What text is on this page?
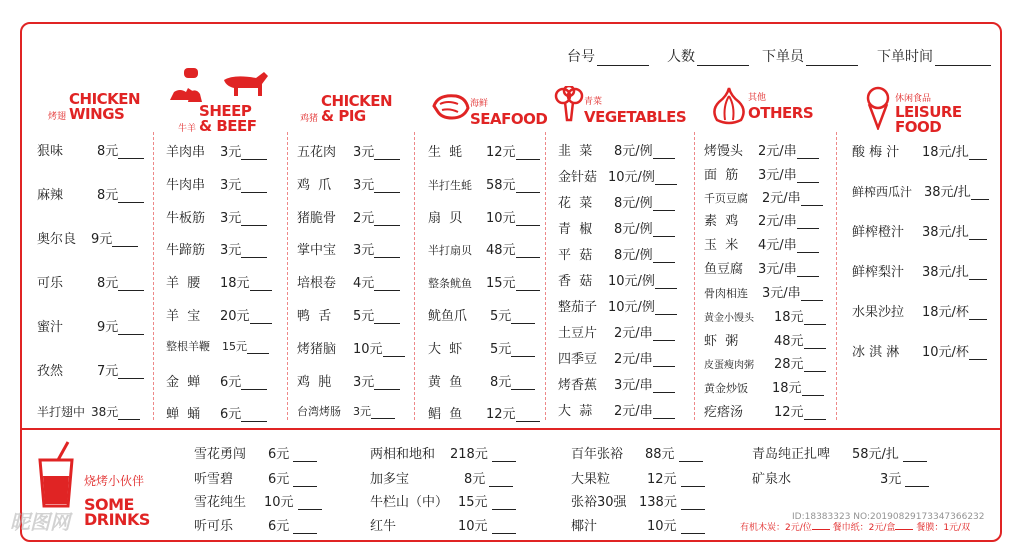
台号	人数	下单员	下单时间
烤翅CHICKEN
WINGS
牛羊SHEEP
& BEEF	鸡猪CHICKEN
& PIG
海鲜
SEAFOOD
青菜
VEGETABLES
其他
OTHERS
休闲食品
LEISURE
FOOD
狠味	8元
麻辣	8元
奥尔良 9元
可乐	8元
蜜汁	9元
孜然	7元
半打翅中 38元
羊肉串 3元
牛肉串 3元
牛板筋 3元
牛蹄筋 3元
羊  腰 18元
羊  宝 20元
整根羊鞭 15元
金  蝉 6元
蝉  蛹 6元
五花肉 3元
鸡  爪 3元
猪脆骨 2元
掌中宝 3元
培根卷 4元
鸭  舌 5元
烤猪脑 10元
鸡  肫 3元
台湾烤肠 3元
生  蚝 12元
半打生蚝 58元
扇  贝 10元
半打扇贝 48元
整条鱿鱼 15元
鱿鱼爪 5元
大  虾 5元
黄  鱼 8元
鲳  鱼 12元
韭  菜 8元/例
金针菇 10元/例
花  菜 8元/例
青  椒 8元/例
平  菇 8元/例
香  菇 10元/例
整茄子 10元/例
土豆片 2元/串
四季豆 2元/串
烤香蕉 3元/串
大  蒜 2元/串
烤馒头 2元/串
面  筋 3元/串
千页豆腐 2元/串
素  鸡 2元/串
玉  米 4元/串
鱼豆腐 3元/串
骨肉相连 3元/串
黄金小馒头 18元
虾  粥	48元
皮蛋瘦肉粥 28元
黄金炒饭 18元
疙瘩汤 12元
酸 梅 汁 18元/扎
鲜榨西瓜汁 38元/扎
鲜榨橙汁 38元/扎
鲜榨梨汁 38元/扎
水果沙拉 18元/杯
冰 淇 淋 10元/杯
烧烤小伙伴
SOME
DRINKS
雪花勇闯 6元
听雪碧	6元
雪花纯生 10元
听可乐	6元
两相和地和 218元
加多宝	8元
牛栏山（中） 15元
红牛	10元
百年张裕 88元
大果粒	12元
张裕30强 138元
椰汁	10元
青岛纯正扎啤 58元/扎
矿泉水	3元
有机木炭：2元/位 餐巾纸：2元/盒 餐膜：1元/双
昵图网	ID:18383323 NO:20190829173347366232
